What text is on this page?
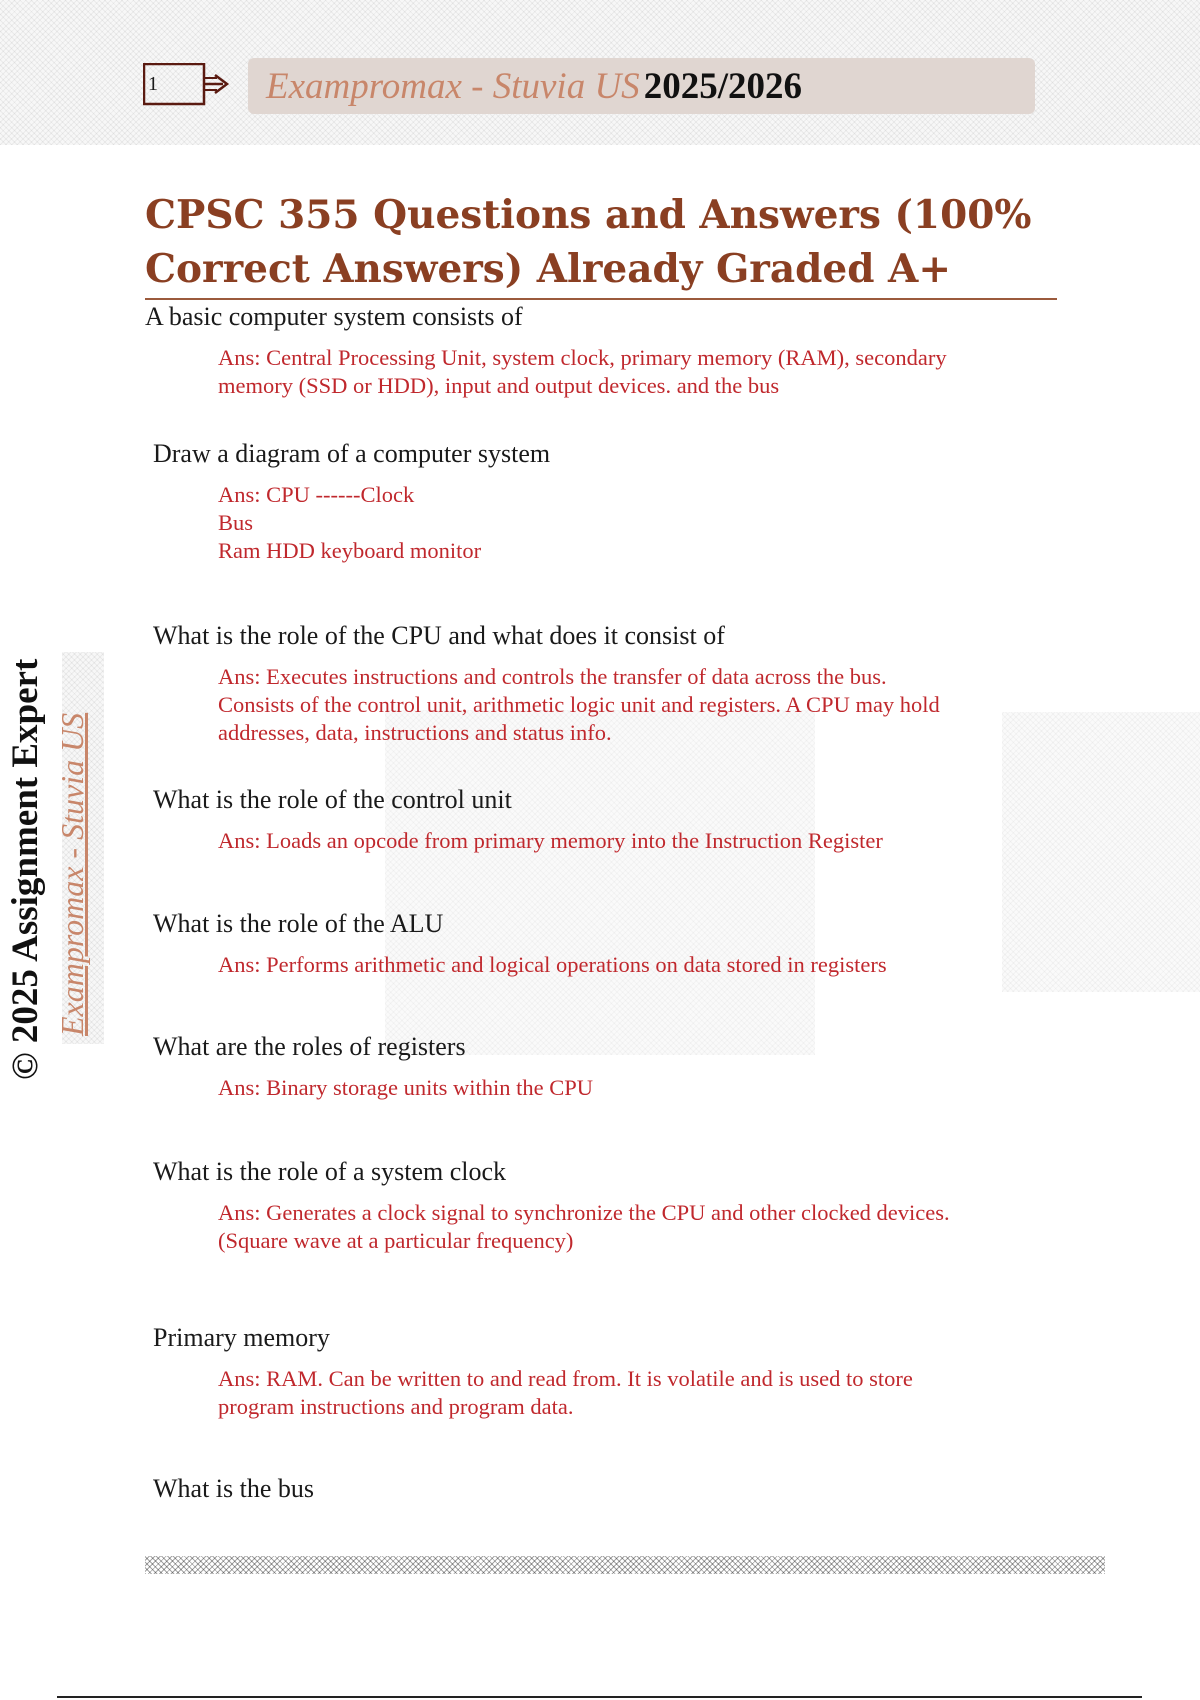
1	Exampromax - Stuvia US 2025/2026
© 2025 Assignment Expert Exampromax - Stuvia US
CPSC 355 Questions and Answers (100% Correct Answers) Already Graded A+
A basic computer system consists of
Ans: Central Processing Unit, system clock, primary memory (RAM), secondary
memory (SSD or HDD), input and output devices. and the bus
Draw a diagram of a computer system
Ans: CPU ------Clock
Bus
Ram HDD keyboard monitor
What is the role of the CPU and what does it consist of
Ans: Executes instructions and controls the transfer of data across the bus.
Consists of the control unit, arithmetic logic unit and registers. A CPU may hold
addresses, data, instructions and status info.
What is the role of the control unit
Ans: Loads an opcode from primary memory into the Instruction Register
What is the role of the ALU
Ans: Performs arithmetic and logical operations on data stored in registers
What are the roles of registers
Ans: Binary storage units within the CPU
What is the role of a system clock
Ans: Generates a clock signal to synchronize the CPU and other clocked devices.
(Square wave at a particular frequency)
Primary memory
Ans: RAM. Can be written to and read from. It is volatile and is used to store
program instructions and program data.
What is the bus
